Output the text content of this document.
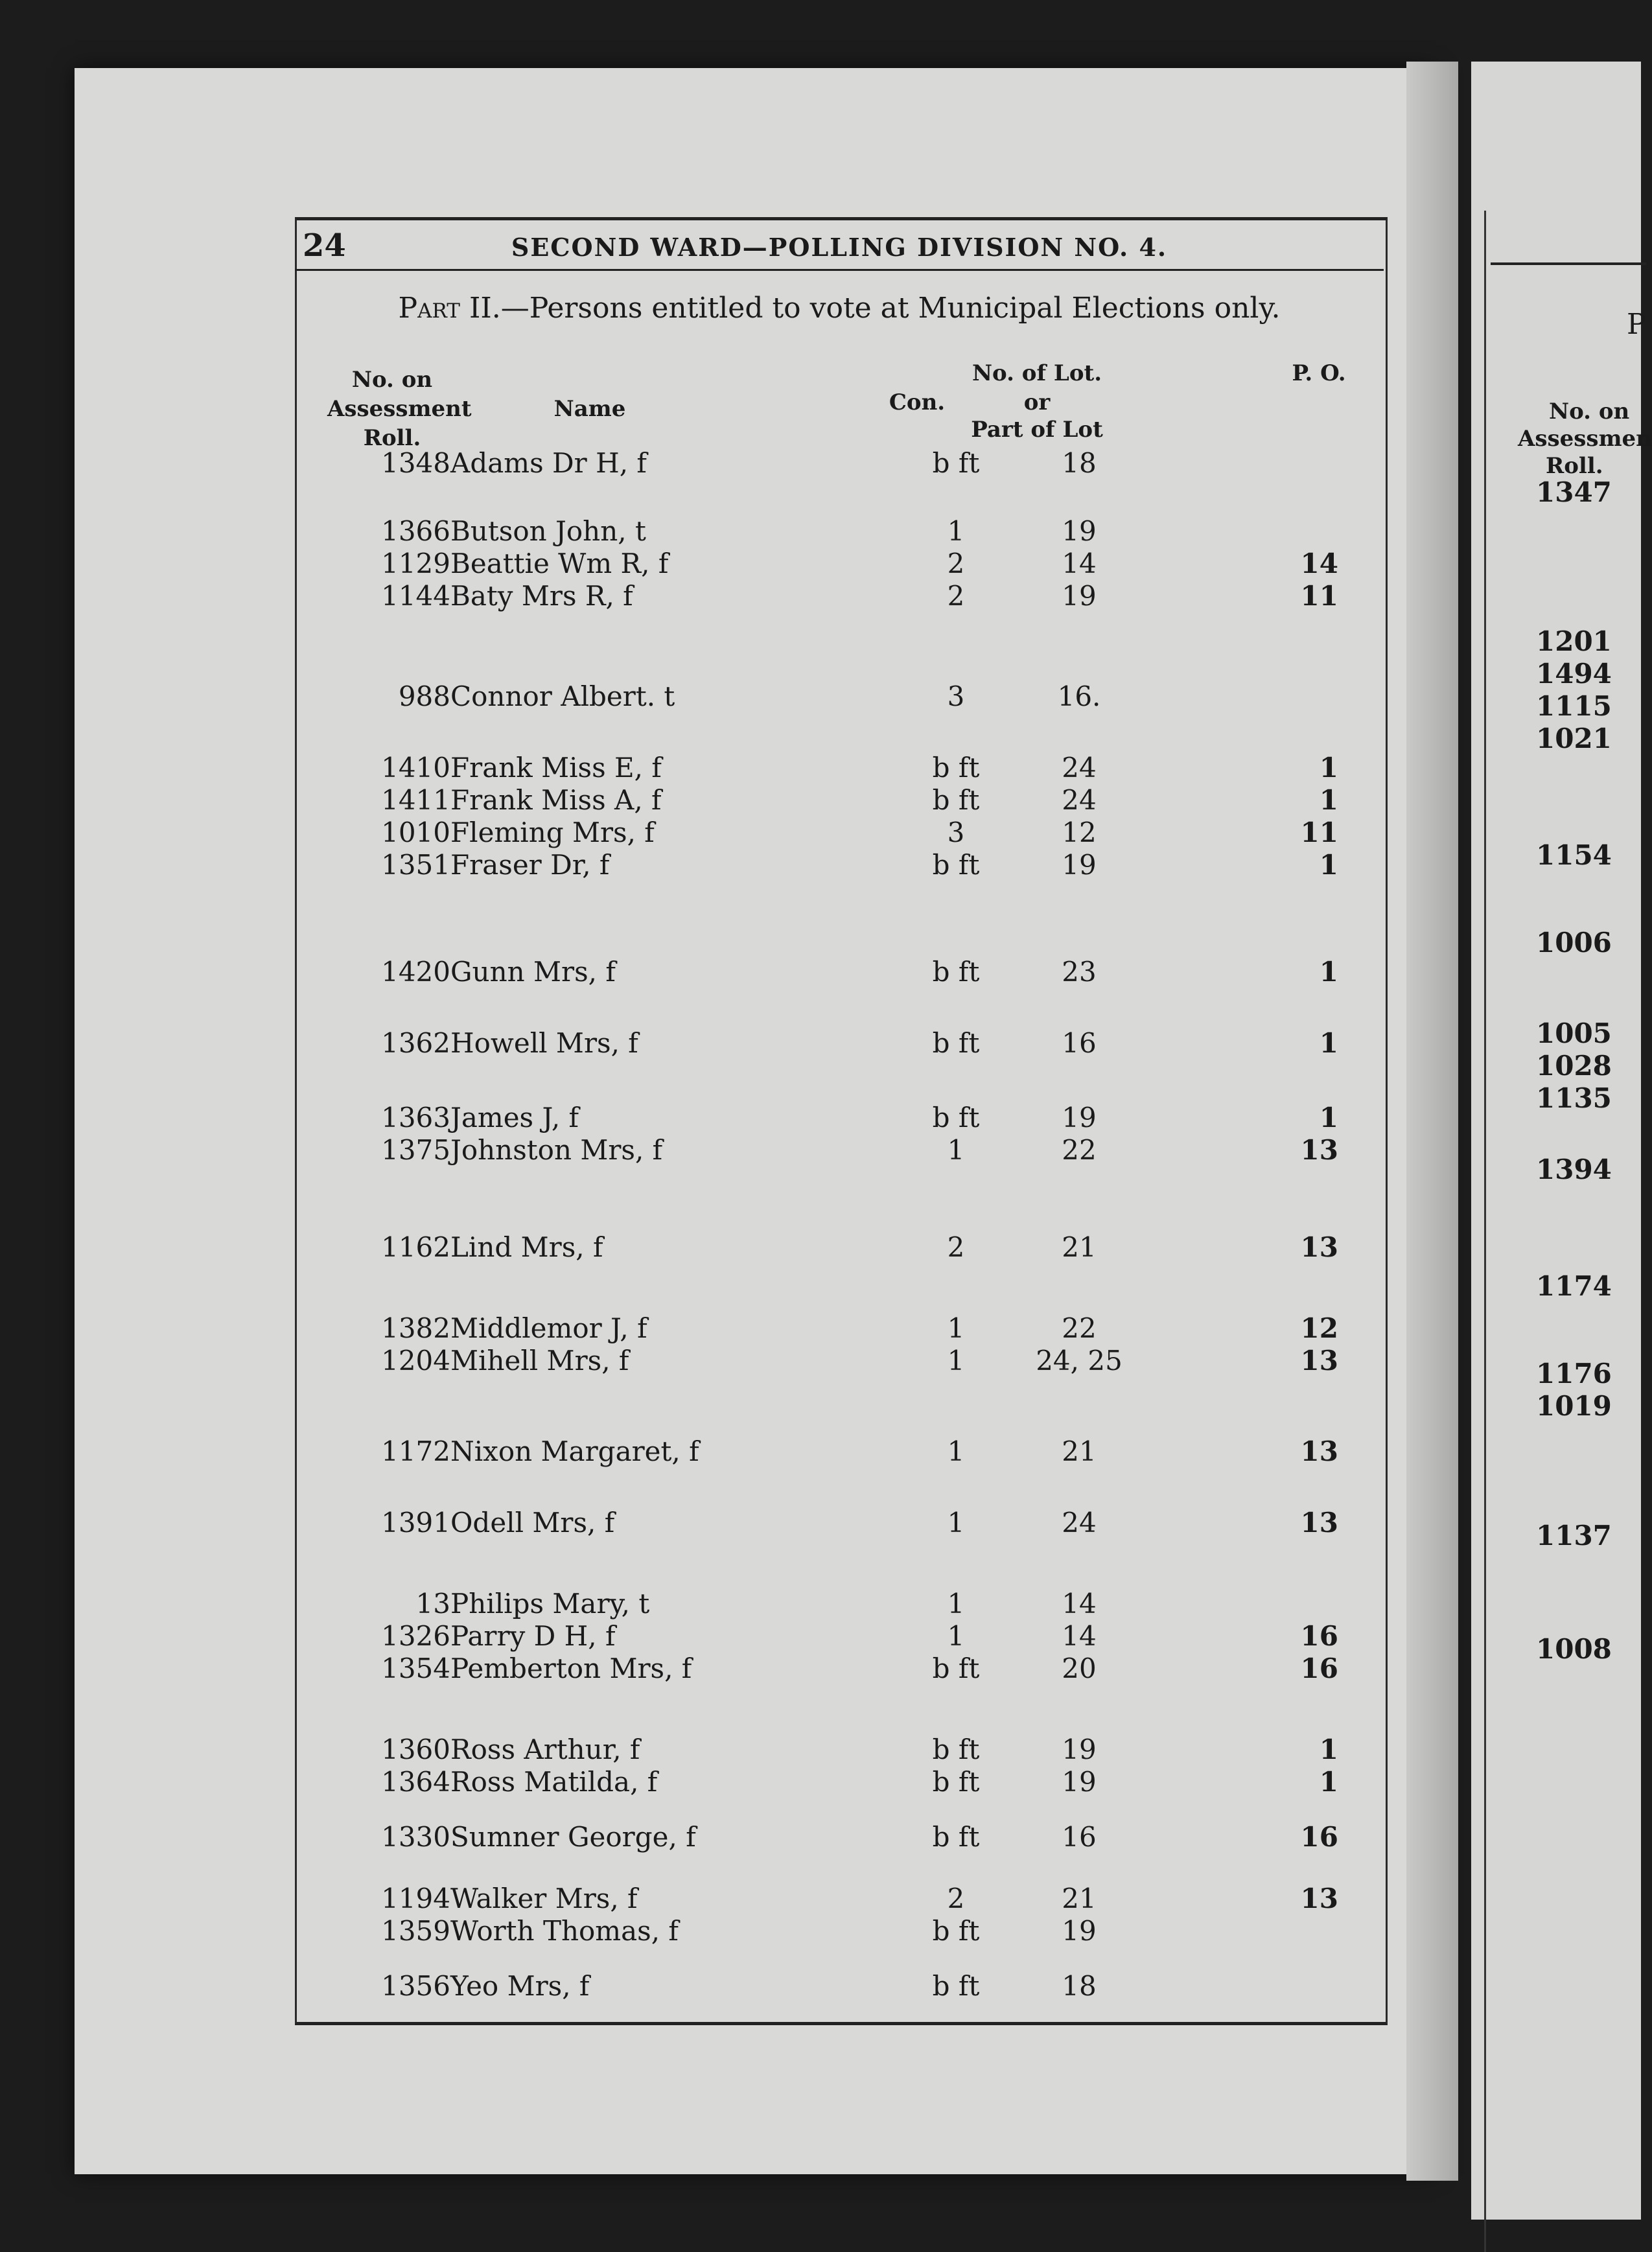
P
No. on
Assessmen
Roll.
1347
1201
1494
1115
1021
1154
1006
1005
1028
1135
1394
1174
1176
1019
1137
1008
24	SECOND WARD—POLLING DIVISION NO. 4.
Part II.—Persons entitled to vote at Municipal Elections only.
No. on
Assessment
Roll.
Name	Con.
No. of Lot.
or
Part of Lot
P. O.
1348 Adams Dr H, f	b ft	18
1366 Butson John, t	1	19
1129 Beattie Wm R, f	2	14	14
1144 Baty Mrs R, f	2	19	11
988 Connor Albert. t	3	16.
1410 Frank Miss E, f	b ft	24	1
1411 Frank Miss A, f	b ft	24	1
1010 Fleming Mrs, f	3	12	11
1351 Fraser Dr, f	b ft	19	1
1420 Gunn Mrs, f	b ft	23	1
1362 Howell Mrs, f	b ft	16	1
1363 James J, f	b ft	19	1
1375 Johnston Mrs, f	1	22	13
1162 Lind Mrs, f	2	21	13
1382 Middlemor J, f	1	22	12
1204 Mihell Mrs, f	1	24, 25	13
1172 Nixon Margaret, f	1	21	13
1391 Odell Mrs, f	1	24	13
13 Philips Mary, t	1	14
1326 Parry D H, f	1	14	16
1354 Pemberton Mrs, f	b ft	20	16
1360 Ross Arthur, f	b ft	19	1
1364 Ross Matilda, f	b ft	19	1
1330 Sumner George, f	b ft	16	16
1194 Walker Mrs, f	2	21	13
1359 Worth Thomas, f	b ft	19
1356 Yeo Mrs, f	b ft	18
